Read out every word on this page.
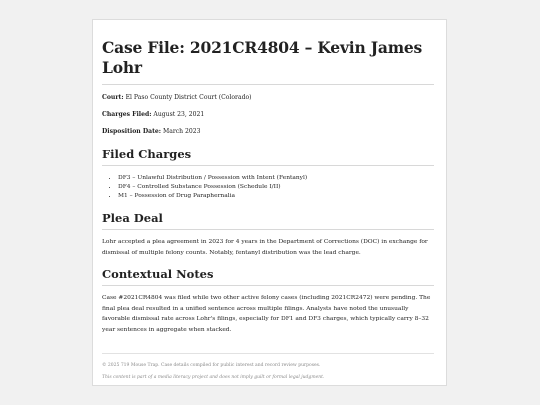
Case File: 2021CR4804 – Kevin James Lohr

Court: El Paso County District Court (Colorado)

Charges Filed: August 23, 2021

Disposition Date: March 2023

Filed Charges
• DF3 – Unlawful Distribution / Possession with Intent (Fentanyl)
• DF4 – Controlled Substance Possession (Schedule I/II)
• M1 – Possession of Drug Paraphernalia
Plea Deal

Lohr accepted a plea agreement in 2023 for 4 years in the Department of Corrections (DOC) in exchange for dismissal of multiple felony counts. Notably, fentanyl distribution was the lead charge.

Contextual Notes

Case #2021CR4804 was filed while two other active felony cases (including 2021CR2472) were pending. The final plea deal resulted in a unified sentence across multiple filings. Analysts have noted the unusually favorable dismissal rate across Lohr's filings, especially for DF1 and DF3 charges, which typically carry 8–32 year sentences in aggregate when stacked.

© 2025 719 Mouse Trap. Case details compiled for public interest and record review purposes.
This content is part of a media literacy project and does not imply guilt or formal legal judgment.
